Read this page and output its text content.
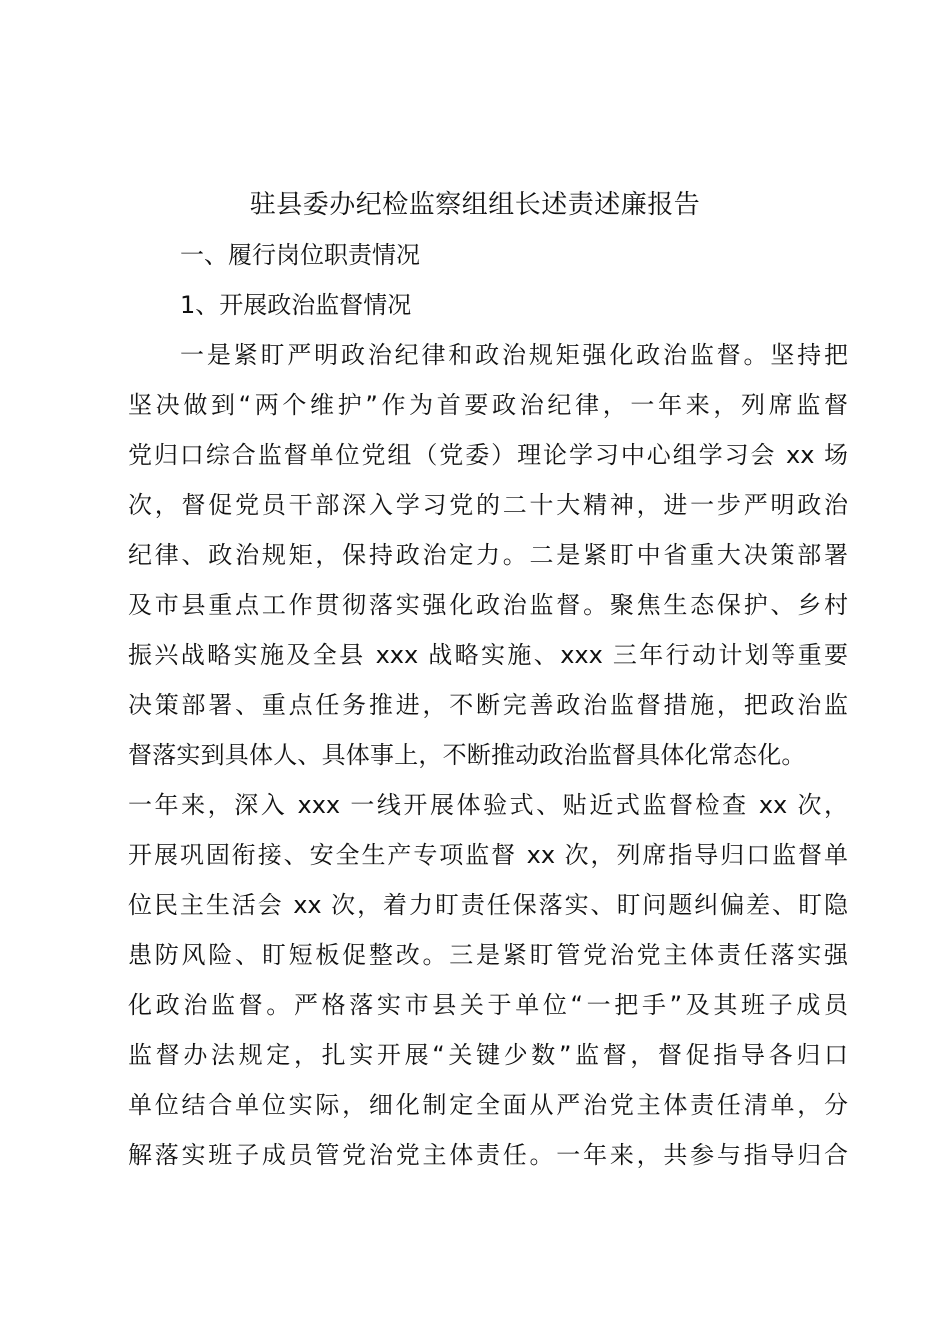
驻县委办纪检监察组组长述责述廉报告
一、履行岗位职责情况
1、开展政治监督情况
一是紧盯严明政治纪律和政治规矩强化政治监督。坚持把
坚决做到“两个维护”作为首要政治纪律，一年来，列席监督
党归口综合监督单位党组（党委）理论学习中心组学习会 xx 场
次，督促党员干部深入学习党的二十大精神，进一步严明政治
纪律、政治规矩，保持政治定力。二是紧盯中省重大决策部署
及市县重点工作贯彻落实强化政治监督。聚焦生态保护、乡村
振兴战略实施及全县 xxx 战略实施、xxx 三年行动计划等重要
决策部署、重点任务推进，不断完善政治监督措施，把政治监
督落实到具体人、具体事上，不断推动政治监督具体化常态化。
一年来，深入 xxx 一线开展体验式、贴近式监督检查 xx 次，
开展巩固衔接、安全生产专项监督 xx 次，列席指导归口监督单
位民主生活会 xx 次，着力盯责任保落实、盯问题纠偏差、盯隐
患防风险、盯短板促整改。三是紧盯管党治党主体责任落实强
化政治监督。严格落实市县关于单位“一把手”及其班子成员
监督办法规定，扎实开展“关键少数”监督，督促指导各归口
单位结合单位实际，细化制定全面从严治党主体责任清单，分
解落实班子成员管党治党主体责任。一年来，共参与指导归合
